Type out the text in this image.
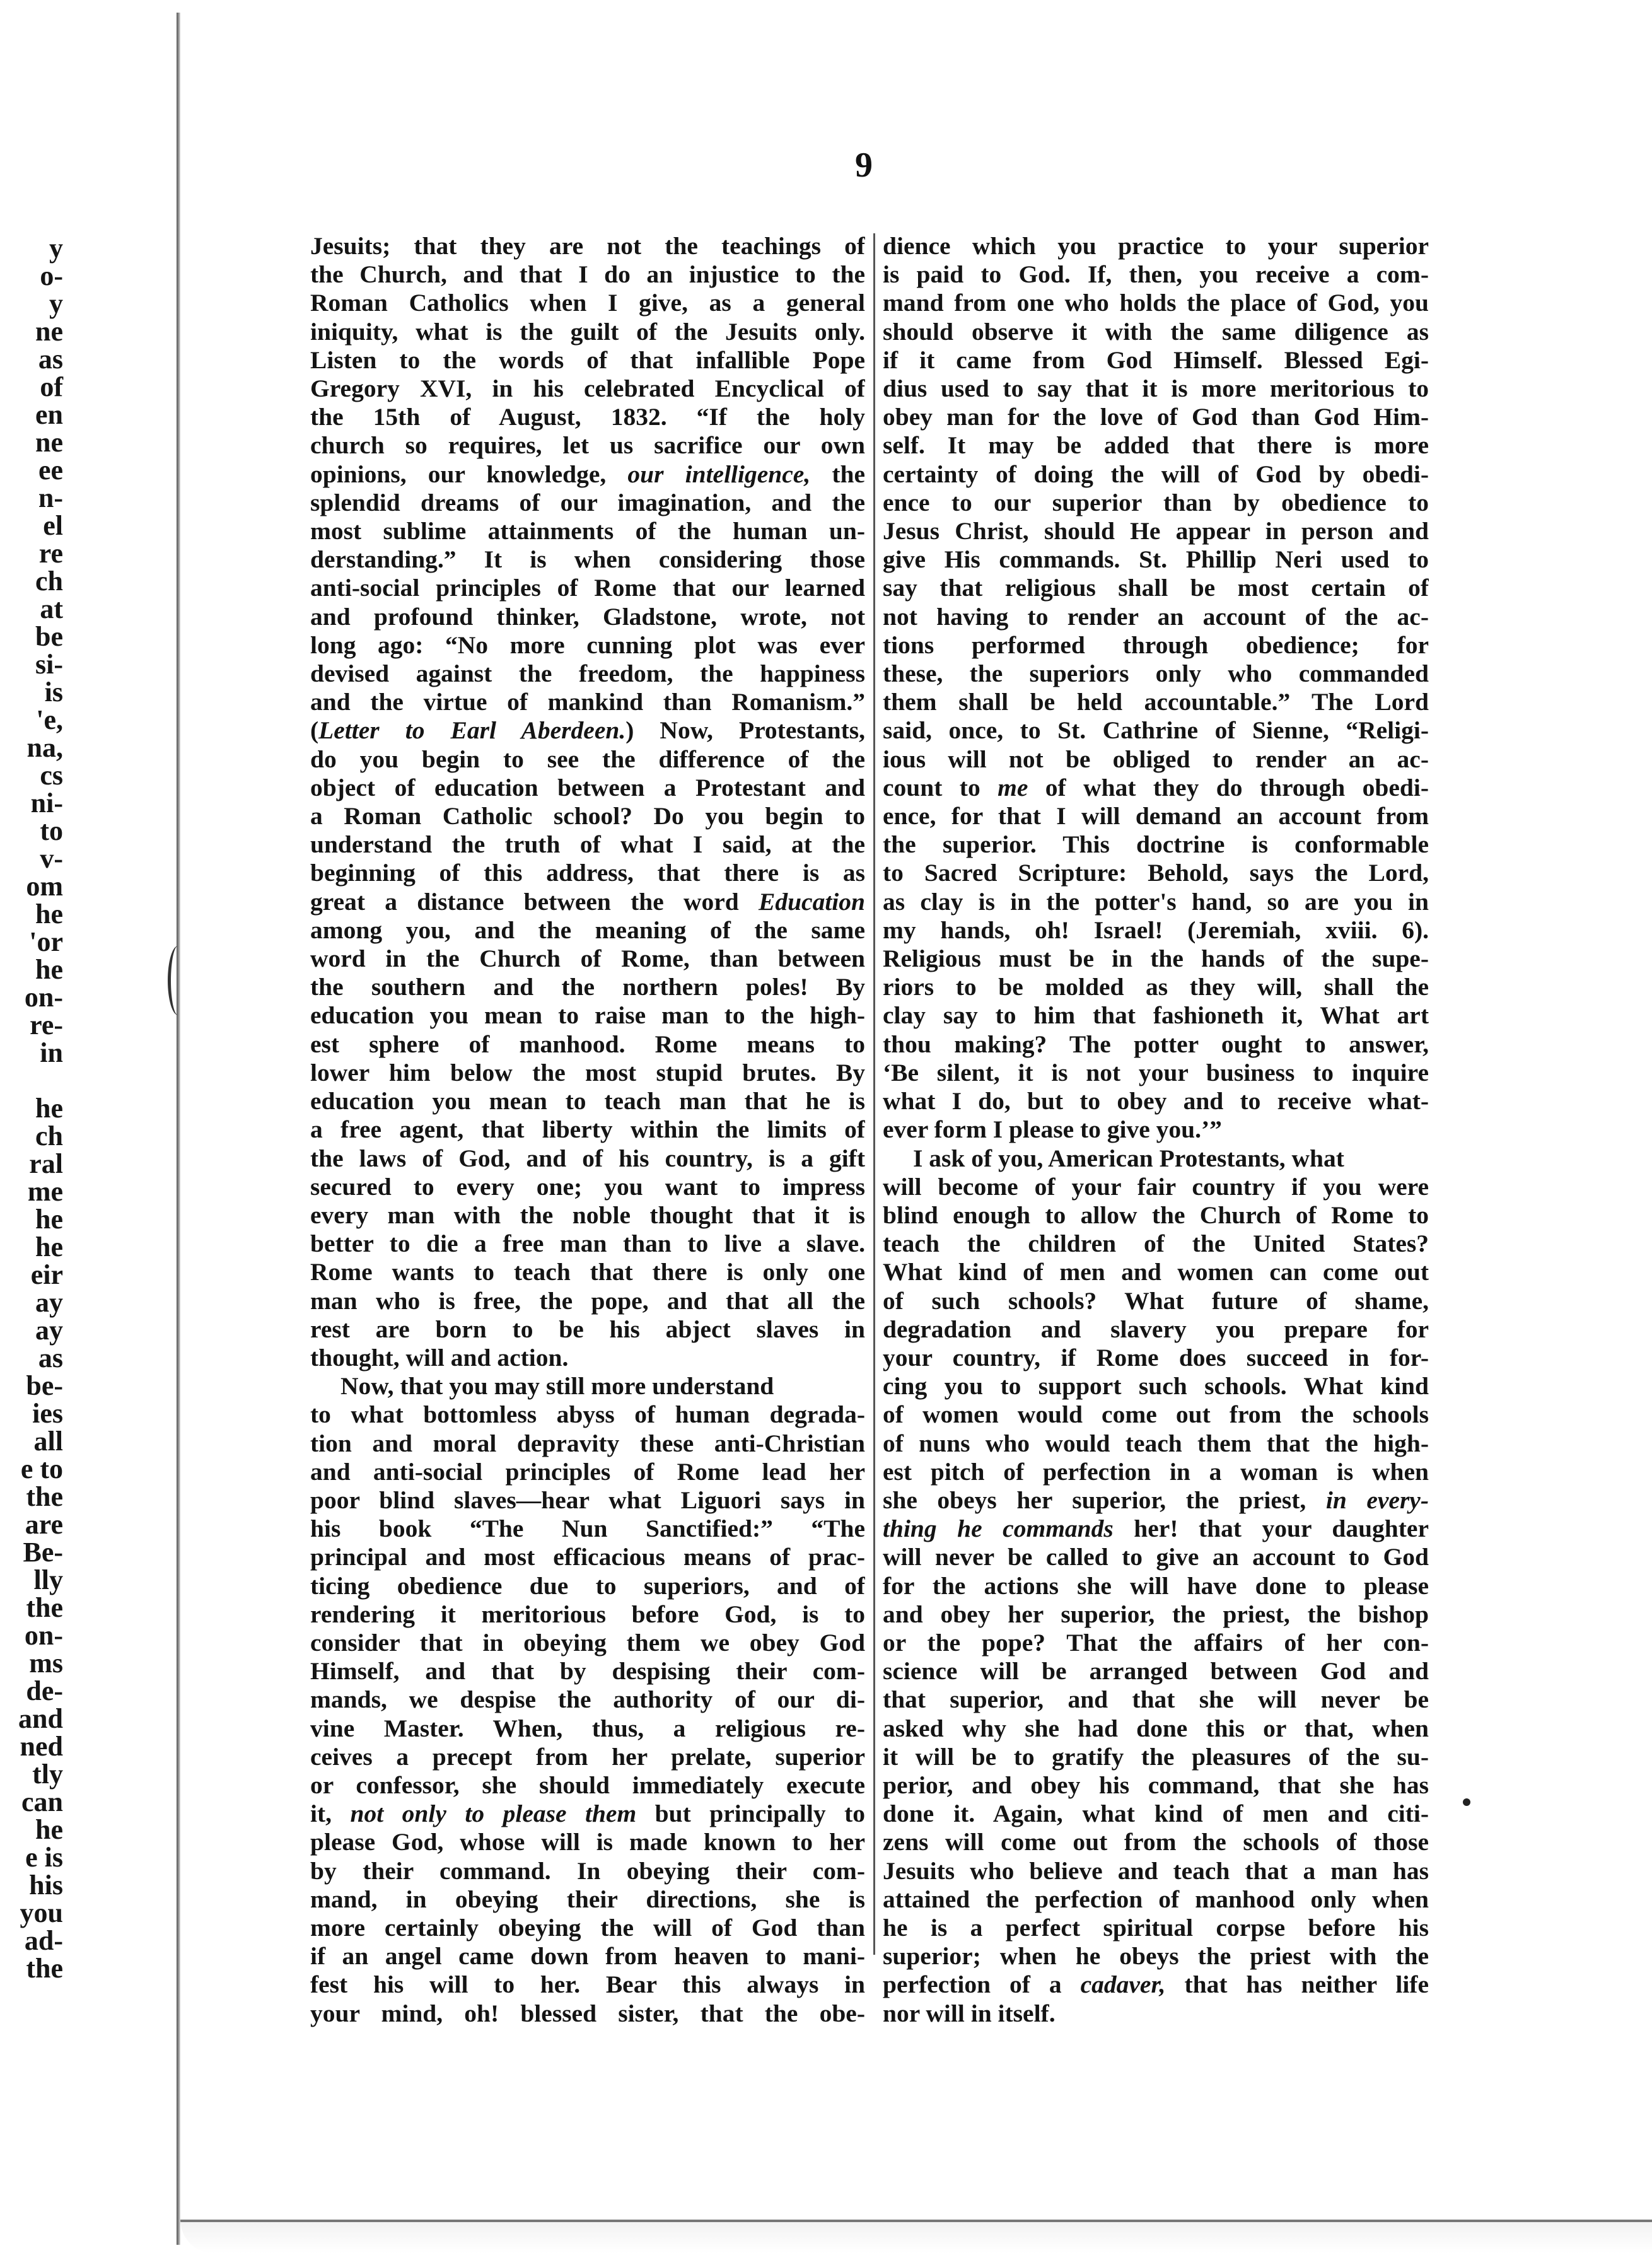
y
o-
y
ne
as
of
en
ne
ee
n-
el
re
ch
at
be
si-
is
'e,
na,
cs
ni-
to
v-
om
he
'or
he
on-
re-
in

he
ch
ral
me
he
he
eir
ay
ay
as
be-
ies
all
e to
the
are
Be-
lly
the
on-
ms
de-
and
ned
tly
can
he
e is
his
you
ad-
the
9
Jesuits; that they are not the teachings of
the Church, and that I do an injustice to the
Roman Catholics when I give, as a general
iniquity, what is the guilt of the Jesuits only.
Listen to the words of that infallible Pope
Gregory XVI, in his celebrated Encyclical of
the 15th of August, 1832. “If the holy
church so requires, let us sacrifice our own
opinions, our knowledge, our intelligence, the
splendid dreams of our imagination, and the
most sublime attainments of the human un-
derstanding.” It is when considering those
anti-social principles of Rome that our learned
and profound thinker, Gladstone, wrote, not
long ago: “No more cunning plot was ever
devised against the freedom, the happiness
and the virtue of mankind than Romanism.”
(Letter to Earl Aberdeen.) Now, Protestants,
do you begin to see the difference of the
object of education between a Protestant and
a Roman Catholic school? Do you begin to
understand the truth of what I said, at the
beginning of this address, that there is as
great a distance between the word Education
among you, and the meaning of the same
word in the Church of Rome, than between
the southern and the northern poles! By
education you mean to raise man to the high-
est sphere of manhood. Rome means to
lower him below the most stupid brutes. By
education you mean to teach man that he is
a free agent, that liberty within the limits of
the laws of God, and of his country, is a gift
secured to every one; you want to impress
every man with the noble thought that it is
better to die a free man than to live a slave.
Rome wants to teach that there is only one
man who is free, the pope, and that all the
rest are born to be his abject slaves in
thought, will and action.
Now, that you may still more understand
to what bottomless abyss of human degrada-
tion and moral depravity these anti-Christian
and anti-social principles of Rome lead her
poor blind slaves—hear what Liguori says in
his book “The Nun Sanctified:” “The
principal and most efficacious means of prac-
ticing obedience due to superiors, and of
rendering it meritorious before God, is to
consider that in obeying them we obey God
Himself, and that by despising their com-
mands, we despise the authority of our di-
vine Master. When, thus, a religious re-
ceives a precept from her prelate, superior
or confessor, she should immediately execute
it, not only to please them but principally to
please God, whose will is made known to her
by their command. In obeying their com-
mand, in obeying their directions, she is
more certainly obeying the will of God than
if an angel came down from heaven to mani-
fest his will to her. Bear this always in
your mind, oh! blessed sister, that the obe-
dience which you practice to your superior
is paid to God. If, then, you receive a com-
mand from one who holds the place of God, you
should observe it with the same diligence as
if it came from God Himself. Blessed Egi-
dius used to say that it is more meritorious to
obey man for the love of God than God Him-
self. It may be added that there is more
certainty of doing the will of God by obedi-
ence to our superior than by obedience to
Jesus Christ, should He appear in person and
give His commands. St. Phillip Neri used to
say that religious shall be most certain of
not having to render an account of the ac-
tions performed through obedience; for
these, the superiors only who commanded
them shall be held accountable.” The Lord
said, once, to St. Cathrine of Sienne, “Religi-
ious will not be obliged to render an ac-
count to me of what they do through obedi-
ence, for that I will demand an account from
the superior. This doctrine is conformable
to Sacred Scripture: Behold, says the Lord,
as clay is in the potter's hand, so are you in
my hands, oh! Israel! (Jeremiah, xviii. 6).
Religious must be in the hands of the supe-
riors to be molded as they will, shall the
clay say to him that fashioneth it, What art
thou making? The potter ought to answer,
‘Be silent, it is not your business to inquire
what I do, but to obey and to receive what-
ever form I please to give you.’”
I ask of you, American Protestants, what
will become of your fair country if you were
blind enough to allow the Church of Rome to
teach the children of the United States?
What kind of men and women can come out
of such schools? What future of shame,
degradation and slavery you prepare for
your country, if Rome does succeed in for-
cing you to support such schools. What kind
of women would come out from the schools
of nuns who would teach them that the high-
est pitch of perfection in a woman is when
she obeys her superior, the priest, in every-
thing he commands her! that your daughter
will never be called to give an account to God
for the actions she will have done to please
and obey her superior, the priest, the bishop
or the pope? That the affairs of her con-
science will be arranged between God and
that superior, and that she will never be
asked why she had done this or that, when
it will be to gratify the pleasures of the su-
perior, and obey his command, that she has
done it. Again, what kind of men and citi-
zens will come out from the schools of those
Jesuits who believe and teach that a man has
attained the perfection of manhood only when
he is a perfect spiritual corpse before his
superior; when he obeys the priest with the
perfection of a cadaver, that has neither life
nor will in itself.
